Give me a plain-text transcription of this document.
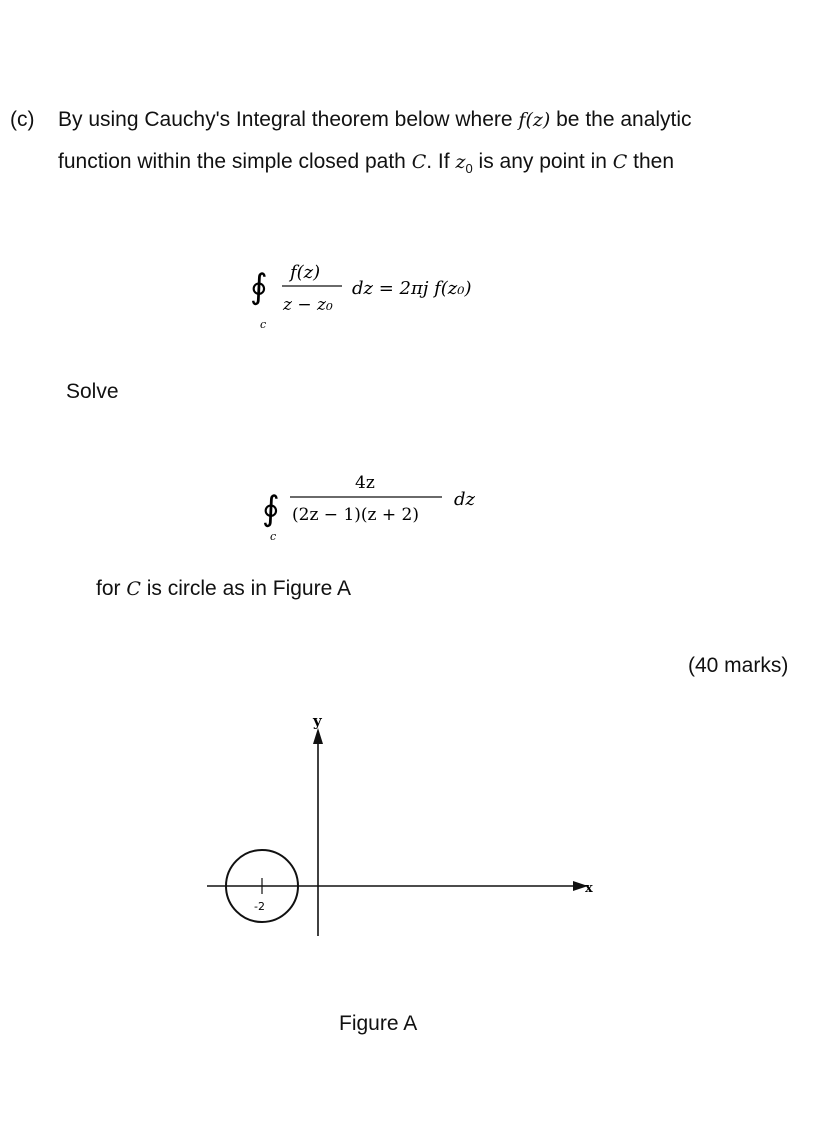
(c) By using Cauchy's Integral theorem below where f(z) be the analytic
function within the simple closed path C. If $z_0$ is any point in C then
∮
c
f(z)
z − z₀
dz = 2πj f(z₀)
Solve
∮
c
4z
(2z − 1)(z + 2)
dz
for C is circle as in Figure A
(40 marks)
y
x
-2
Figure A
